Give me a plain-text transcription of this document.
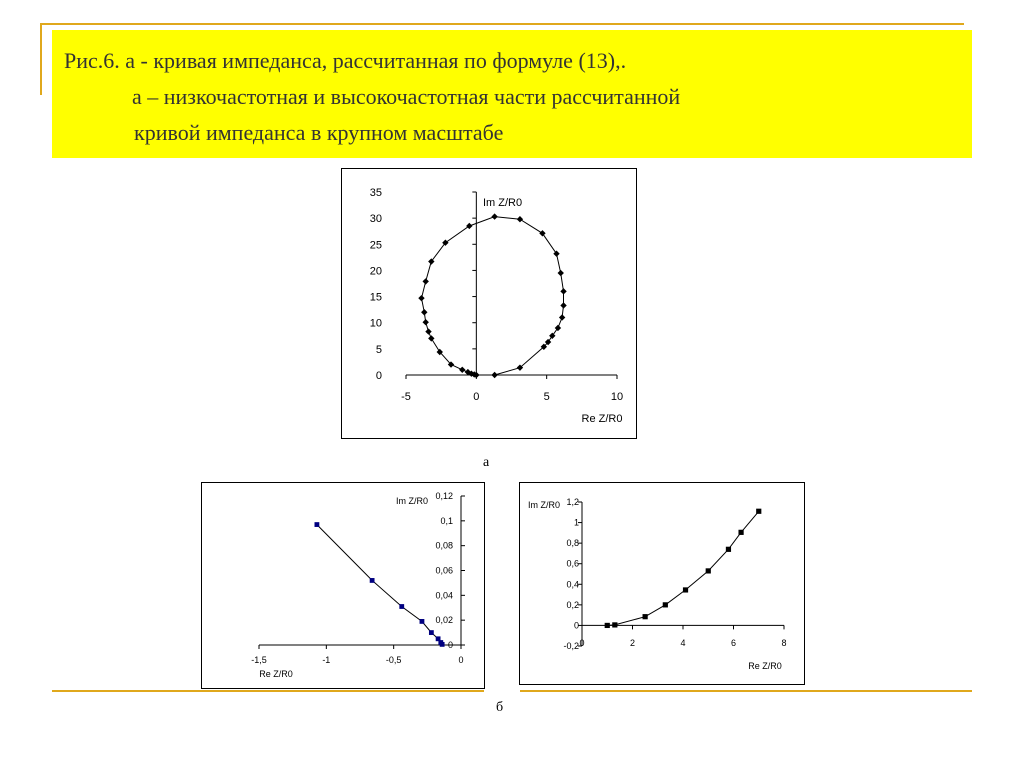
Рис.6. а - кривая импеданса, рассчитанная по формуле (13),.
а – низкочастотная и высокочастотная части рассчитанной
кривой импеданса в крупном масштабе
-5	0	5	10
0
5
10
15
20
25
30
35
Re Z/R0
Im Z/R0
а
-1,5	-1	-0,5	0
0
0,02
0,04
0,06
0,08
0,1
0,12
Re Z/R0
Im Z/R0
0	2	4	6	8
-0,2
0
0,2
0,4
0,6
0,8
1
1,2
Re Z/R0
Im Z/R0
б
